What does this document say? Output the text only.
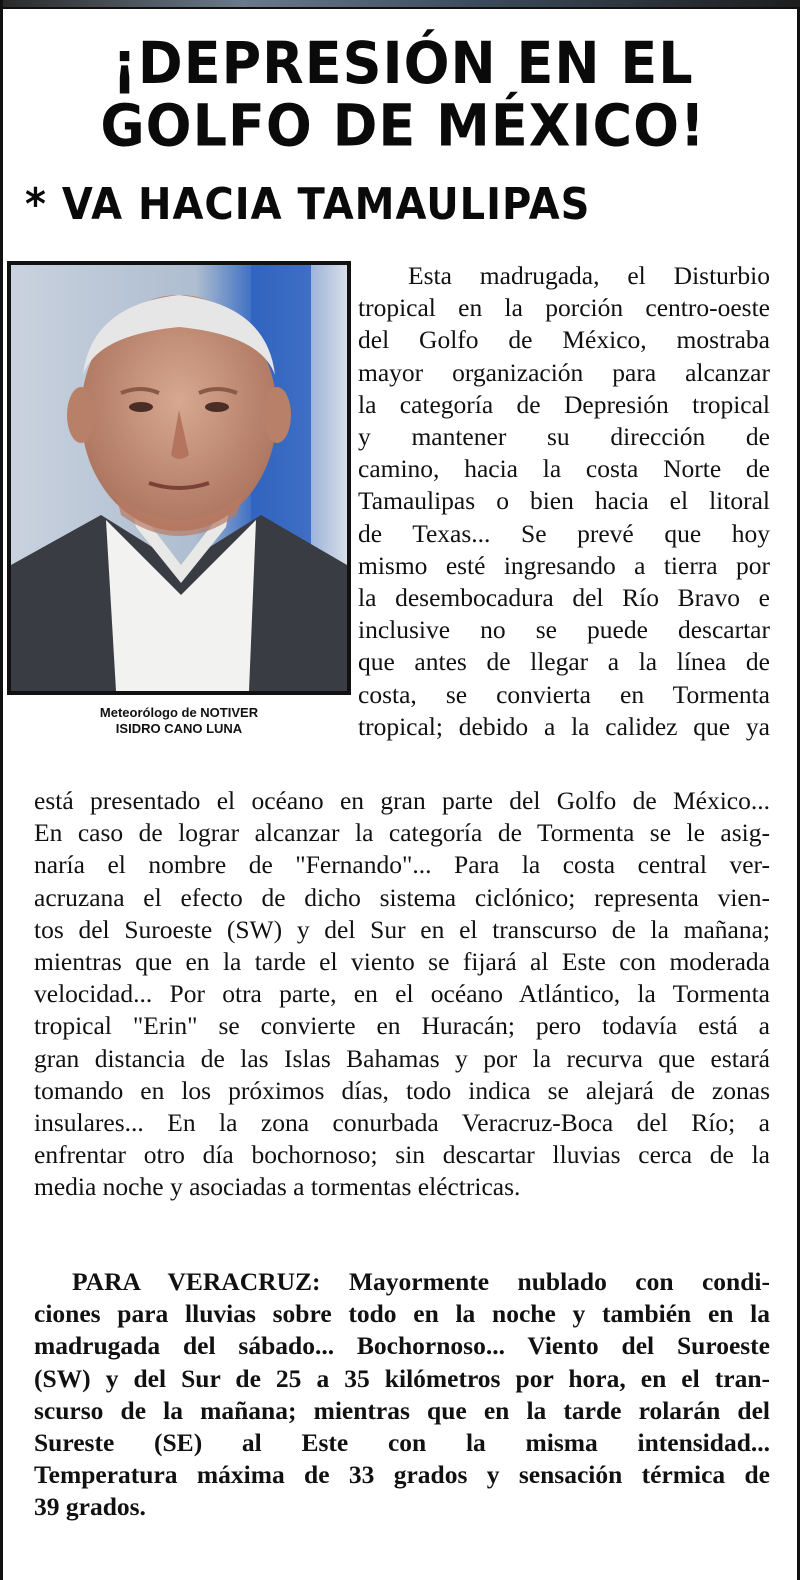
¡DEPRESIÓN EN EL
GOLFO DE MÉXICO!
* VA HACIA TAMAULIPAS
Meteorólogo de NOTIVER
ISIDRO CANO LUNA
Esta madrugada, el Disturbio
tropical en la porción centro-oeste
del Golfo de México, mostraba
mayor organización para alcanzar
la categoría de Depresión tropical
y mantener su dirección de
camino, hacia la costa Norte de
Tamaulipas o bien hacia el litoral
de Texas... Se prevé que hoy
mismo esté ingresando a tierra por
la desembocadura del Río Bravo e
inclusive no se puede descartar
que antes de llegar a la línea de
costa, se convierta en Tormenta
tropical; debido a la calidez que ya
está presentado el océano en gran parte del Golfo de México...
En caso de lograr alcanzar la categoría de Tormenta se le asig-
naría el nombre de "Fernando"... Para la costa central ver-
acruzana el efecto de dicho sistema ciclónico; representa vien-
tos del Suroeste (SW) y del Sur en el transcurso de la mañana;
mientras que en la tarde el viento se fijará al Este con moderada
velocidad... Por otra parte, en el océano Atlántico, la Tormenta
tropical "Erin" se convierte en Huracán; pero todavía está a
gran distancia de las Islas Bahamas y por la recurva que estará
tomando en los próximos días, todo indica se alejará de zonas
insulares... En la zona conurbada Veracruz-Boca del Río; a
enfrentar otro día bochornoso; sin descartar lluvias cerca de la
media noche y asociadas a tormentas eléctricas.
PARA VERACRUZ: Mayormente nublado con condi-
ciones para lluvias sobre todo en la noche y también en la
madrugada del sábado... Bochornoso... Viento del Suroeste
(SW) y del Sur de 25 a 35 kilómetros por hora, en el tran-
scurso de la mañana; mientras que en la tarde rolarán del
Sureste (SE) al Este con la misma intensidad...
Temperatura máxima de 33 grados y sensación térmica de
39 grados.
